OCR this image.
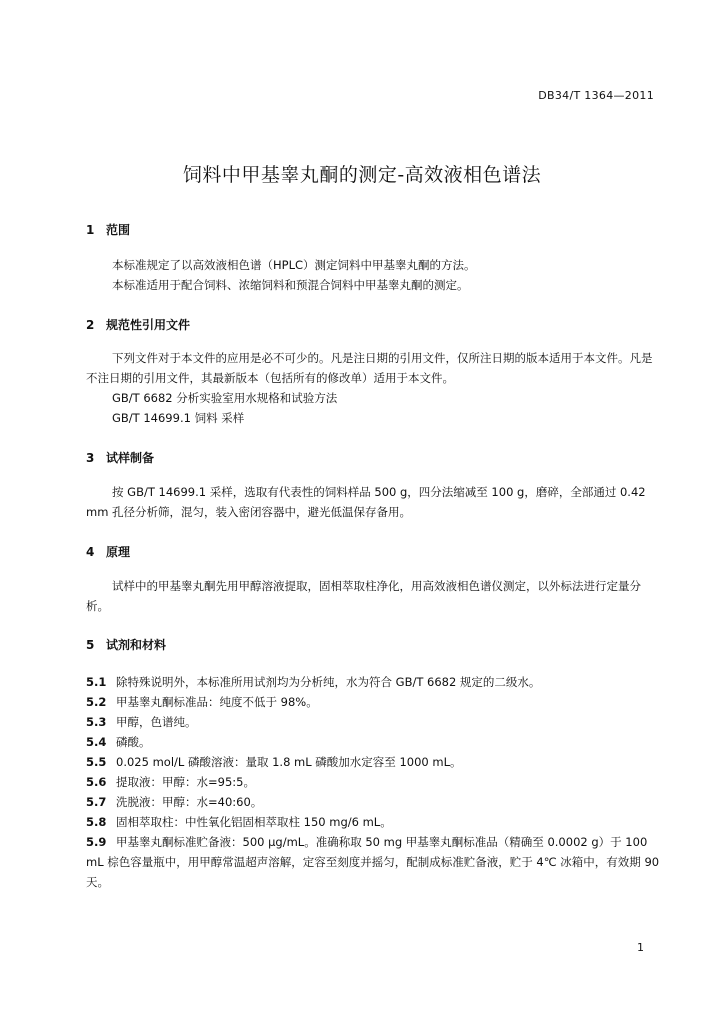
DB34/T 1364—2011
饲料中甲基睾丸酮的测定-高效液相色谱法
1 范围
本标准规定了以高效液相色谱（HPLC）测定饲料中甲基睾丸酮的方法。
本标准适用于配合饲料、浓缩饲料和预混合饲料中甲基睾丸酮的测定。
2 规范性引用文件
下列文件对于本文件的应用是必不可少的。凡是注日期的引用文件，仅所注日期的版本适用于本文件。凡是不注日期的引用文件，其最新版本（包括所有的修改单）适用于本文件。
GB/T 6682 分析实验室用水规格和试验方法
GB/T 14699.1 饲料 采样
3 试样制备
按 GB/T 14699.1 采样，选取有代表性的饲料样品 500 g，四分法缩减至 100 g，磨碎，全部通过 0.42 mm 孔径分析筛，混匀，装入密闭容器中，避光低温保存备用。
4 原理
试样中的甲基睾丸酮先用甲醇溶液提取，固相萃取柱净化，用高效液相色谱仪测定，以外标法进行定量分析。
5 试剂和材料
5.1 除特殊说明外，本标准所用试剂均为分析纯，水为符合 GB/T 6682 规定的二级水。
5.2 甲基睾丸酮标准品：纯度不低于 98%。
5.3 甲醇，色谱纯。
5.4 磷酸。
5.5 0.025 mol/L 磷酸溶液：量取 1.8 mL 磷酸加水定容至 1000 mL。
5.6 提取液：甲醇：水=95:5。
5.7 洗脱液：甲醇：水=40:60。
5.8 固相萃取柱：中性氧化铝固相萃取柱 150 mg/6 mL。
5.9 甲基睾丸酮标准贮备液：500 μg/mL。准确称取 50 mg 甲基睾丸酮标准品（精确至 0.0002 g）于 100 mL 棕色容量瓶中，用甲醇常温超声溶解，定容至刻度并摇匀，配制成标准贮备液，贮于 4℃ 冰箱中，有效期 90 天。
1
